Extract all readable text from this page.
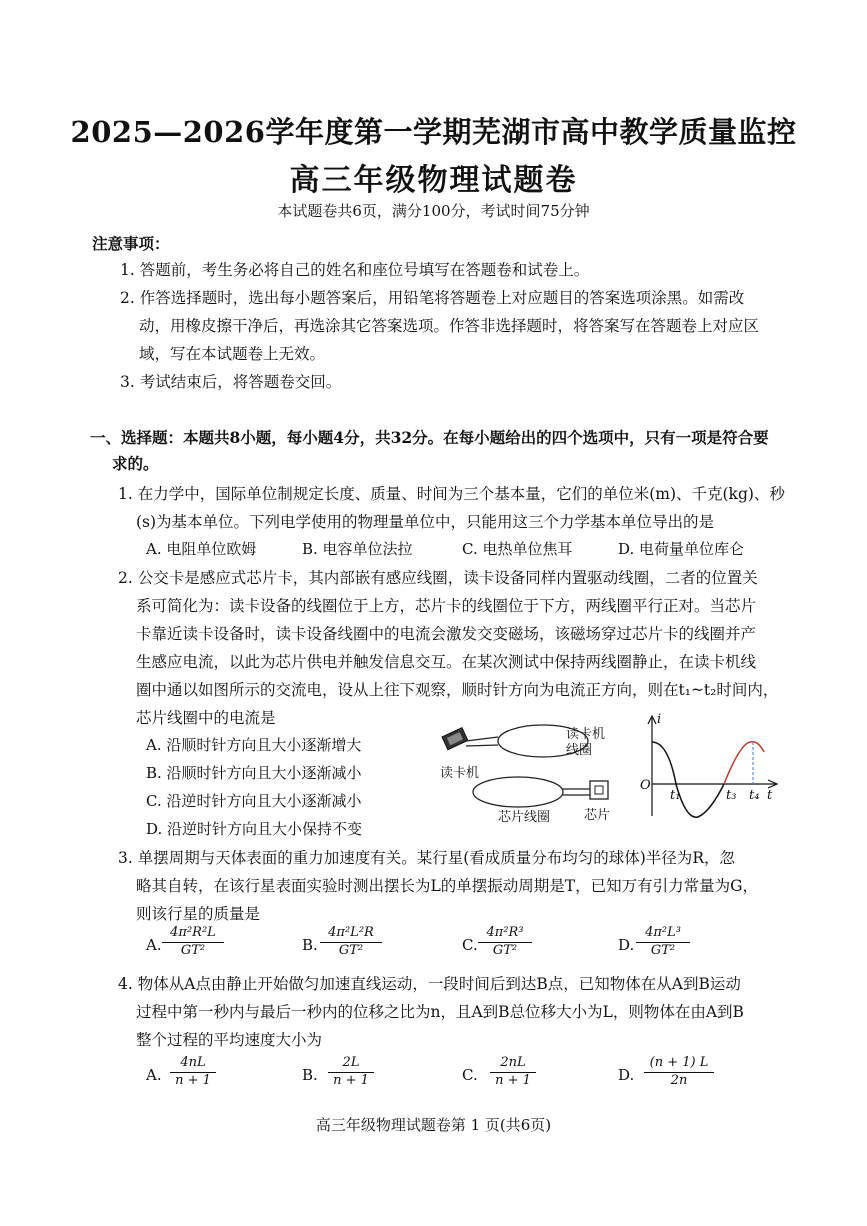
2025—2026学年度第一学期芜湖市高中教学质量监控
高三年级物理试题卷
本试题卷共6页，满分100分，考试时间75分钟
注意事项：
1. 答题前，考生务必将自己的姓名和座位号填写在答题卷和试卷上。
2. 作答选择题时，选出每小题答案后，用铅笔将答题卷上对应题目的答案选项涂黑。如需改
动，用橡皮擦干净后，再选涂其它答案选项。作答非选择题时，将答案写在答题卷上对应区
域，写在本试题卷上无效。
3. 考试结束后，将答题卷交回。
一、选择题：本题共8小题，每小题4分，共32分。在每小题给出的四个选项中，只有一项是符合要
求的。
1. 在力学中，国际单位制规定长度、质量、时间为三个基本量，它们的单位米(m)、千克(kg)、秒
(s)为基本单位。下列电学使用的物理量单位中，只能用这三个力学基本单位导出的是
A. 电阻单位欧姆	B. 电容单位法拉	C. 电热单位焦耳	D. 电荷量单位库仑
2. 公交卡是感应式芯片卡，其内部嵌有感应线圈，读卡设备同样内置驱动线圈，二者的位置关
系可简化为：读卡设备的线圈位于上方，芯片卡的线圈位于下方，两线圈平行正对。当芯片
卡靠近读卡设备时，读卡设备线圈中的电流会激发交变磁场，该磁场穿过芯片卡的线圈并产
生感应电流，以此为芯片供电并触发信息交互。在某次测试中保持两线圈静止，在读卡机线
圈中通以如图所示的交流电，设从上往下观察，顺时针方向为电流正方向，则在t₁~t₂时间内，
芯片线圈中的电流是
A. 沿顺时针方向且大小逐渐增大
B. 沿顺时针方向且大小逐渐减小
C. 沿逆时针方向且大小逐渐减小
D. 沿逆时针方向且大小保持不变
读卡机
线圈
读卡机
芯片线圈	芯片
i
O
t
t₁	t₃ t₄
3. 单摆周期与天体表面的重力加速度有关。某行星(看成质量分布均匀的球体)半径为R，忽
略其自转，在该行星表面实验时测出摆长为L的单摆振动周期是T，已知万有引力常量为G，
则该行星的质量是
A.
4π²R²L
GT²	B.
4π²L²R
GT²	C.
4π²R³
GT²	D.
4π²L³
GT²
4. 物体从A点由静止开始做匀加速直线运动，一段时间后到达B点，已知物体在从A到B运动
过程中第一秒内与最后一秒内的位移之比为n，且A到B总位移大小为L，则物体在由A到B
整个过程的平均速度大小为
A.
4nL
n + 1	B.
2L
n + 1	C.
2nL
n + 1	D.
(n + 1) L
2n
高三年级物理试题卷第 1 页(共6页)
